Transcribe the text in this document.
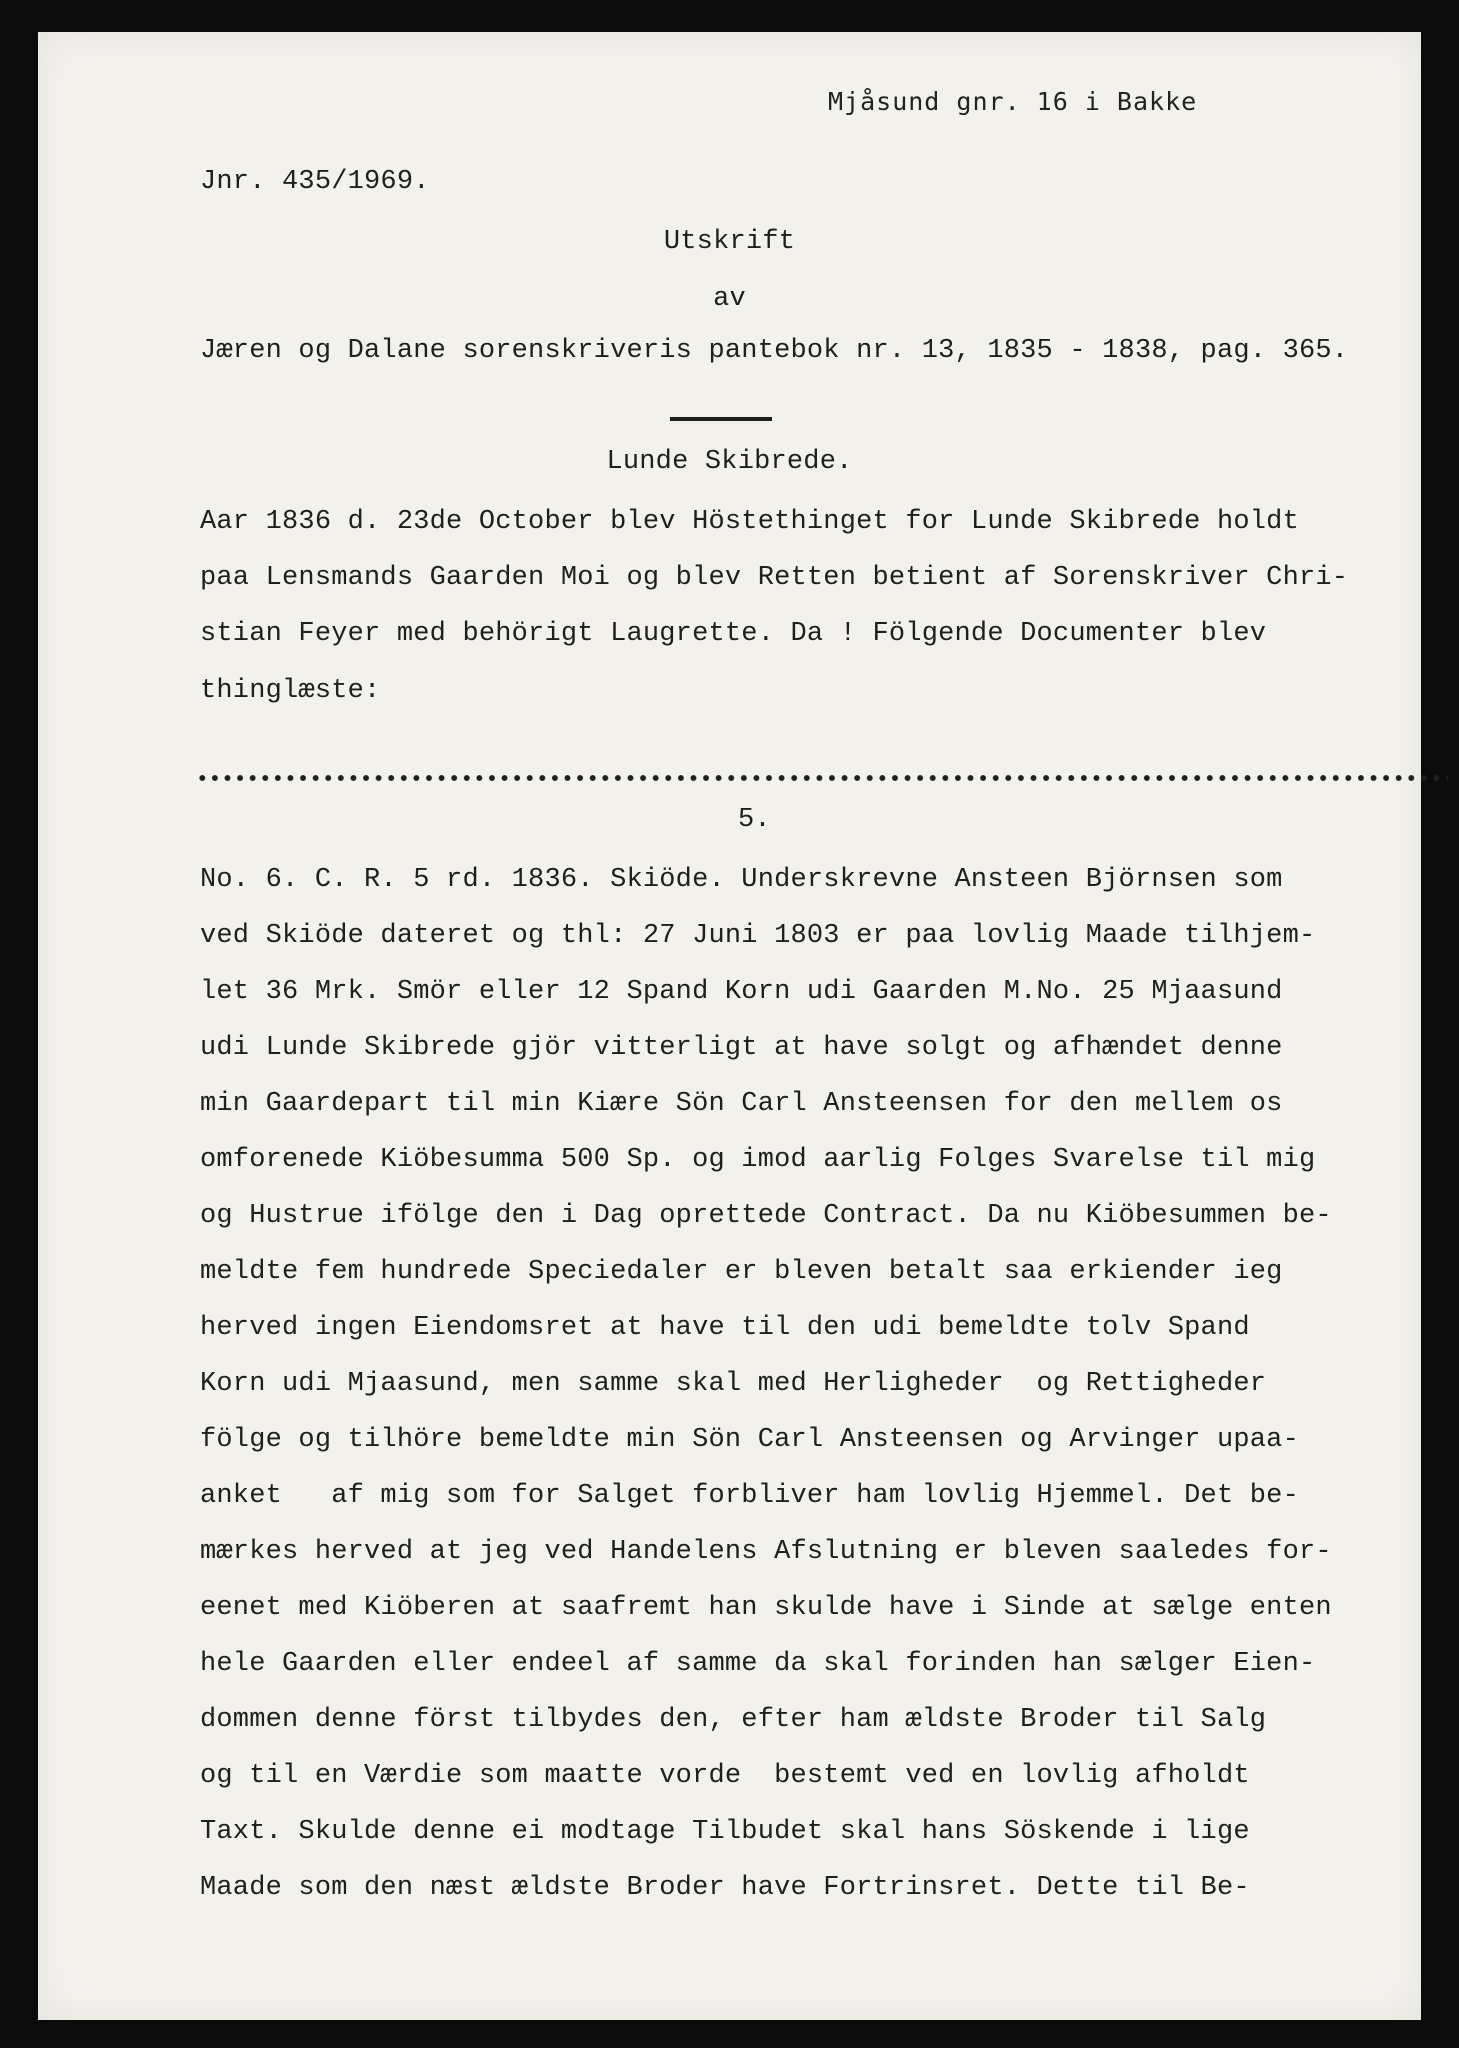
Mjåsund gnr. 16 i Bakke
Jnr. 435/1969.
Utskrift
av
Jæren og Dalane sorenskriveris pantebok nr. 13, 1835 - 1838, pag. 365.
Lunde Skibrede.
Aar 1836 d. 23de October blev Höstethinget for Lunde Skibrede holdt
paa Lensmands Gaarden Moi og blev Retten betient af Sorenskriver Chri-
stian Feyer med behörigt Laugrette. Da ! Fölgende Documenter blev
thinglæste:
5.
No. 6. C. R. 5 rd. 1836. Skiöde. Underskrevne Ansteen Björnsen som
ved Skiöde dateret og thl: 27 Juni 1803 er paa lovlig Maade tilhjem-
let 36 Mrk. Smör eller 12 Spand Korn udi Gaarden M.No. 25 Mjaasund
udi Lunde Skibrede gjör vitterligt at have solgt og afhændet denne
min Gaardepart til min Kiære Sön Carl Ansteensen for den mellem os
omforenede Kiöbesumma 500 Sp. og imod aarlig Folges Svarelse til mig
og Hustrue ifölge den i Dag oprettede Contract. Da nu Kiöbesummen be-
meldte fem hundrede Speciedaler er bleven betalt saa erkiender ieg
herved ingen Eiendomsret at have til den udi bemeldte tolv Spand
Korn udi Mjaasund, men samme skal med Herligheder  og Rettigheder
fölge og tilhöre bemeldte min Sön Carl Ansteensen og Arvinger upaa-
anket   af mig som for Salget forbliver ham lovlig Hjemmel. Det be-
mærkes herved at jeg ved Handelens Afslutning er bleven saaledes for-
eenet med Kiöberen at saafremt han skulde have i Sinde at sælge enten
hele Gaarden eller endeel af samme da skal forinden han sælger Eien-
dommen denne först tilbydes den, efter ham ældste Broder til Salg
og til en Værdie som maatte vorde  bestemt ved en lovlig afholdt
Taxt. Skulde denne ei modtage Tilbudet skal hans Söskende i lige
Maade som den næst ældste Broder have Fortrinsret. Dette til Be-
